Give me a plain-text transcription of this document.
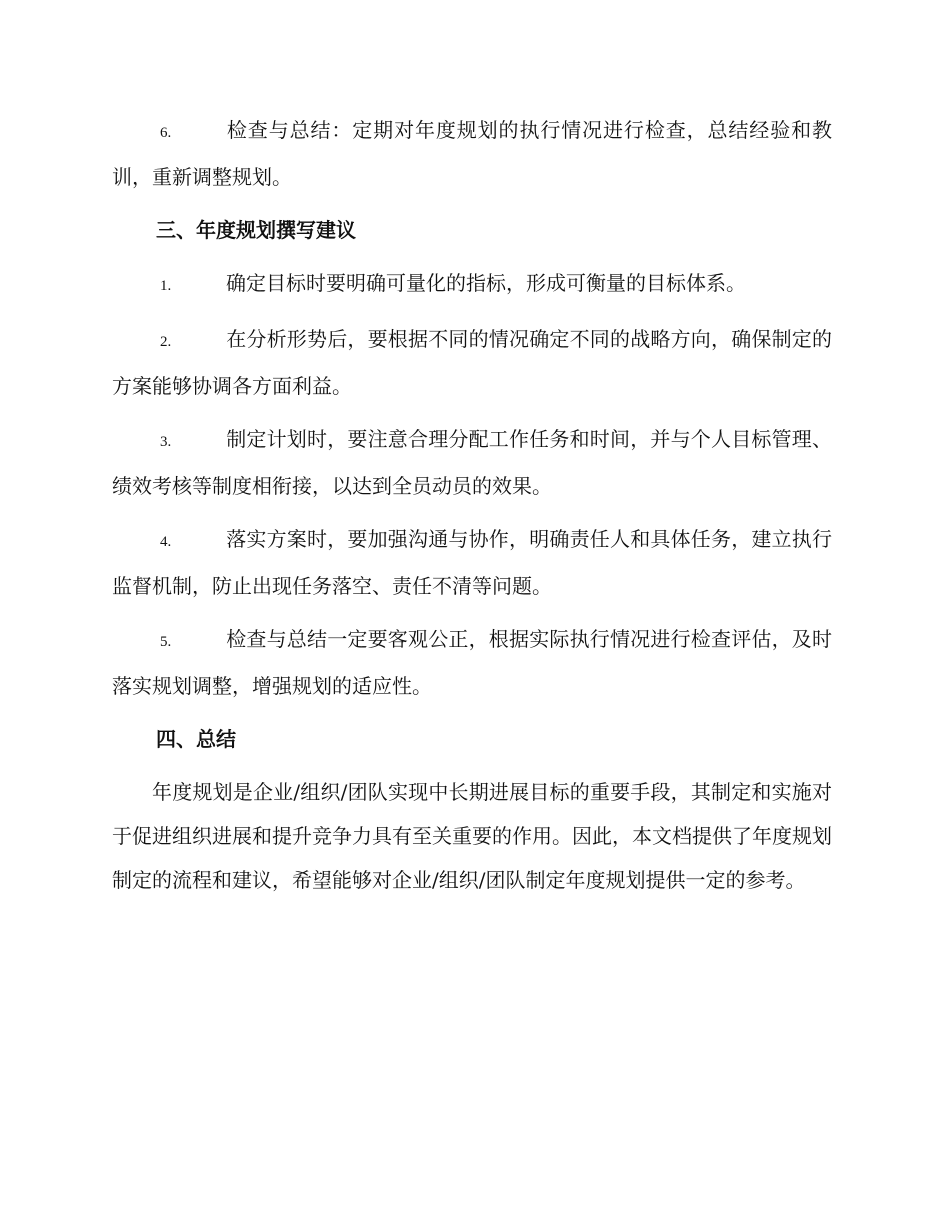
6.	检查与总结：定期对年度规划的执行情况进行检查，总结经验和教训，重新调整规划。

三、年度规划撰写建议

1.	确定目标时要明确可量化的指标，形成可衡量的目标体系。

2.	在分析形势后，要根据不同的情况确定不同的战略方向，确保制定的方案能够协调各方面利益。

3.	制定计划时，要注意合理分配工作任务和时间，并与个人目标管理、绩效考核等制度相衔接，以达到全员动员的效果。

4.	落实方案时，要加强沟通与协作，明确责任人和具体任务，建立执行监督机制，防止出现任务落空、责任不清等问题。

5.	检查与总结一定要客观公正，根据实际执行情况进行检查评估，及时落实规划调整，增强规划的适应性。

四、总结

年度规划是企业/组织/团队实现中长期进展目标的重要手段，其制定和实施对于促进组织进展和提升竞争力具有至关重要的作用。因此，本文档提供了年度规划制定的流程和建议，希望能够对企业/组织/团队制定年度规划提供一定的参考。
